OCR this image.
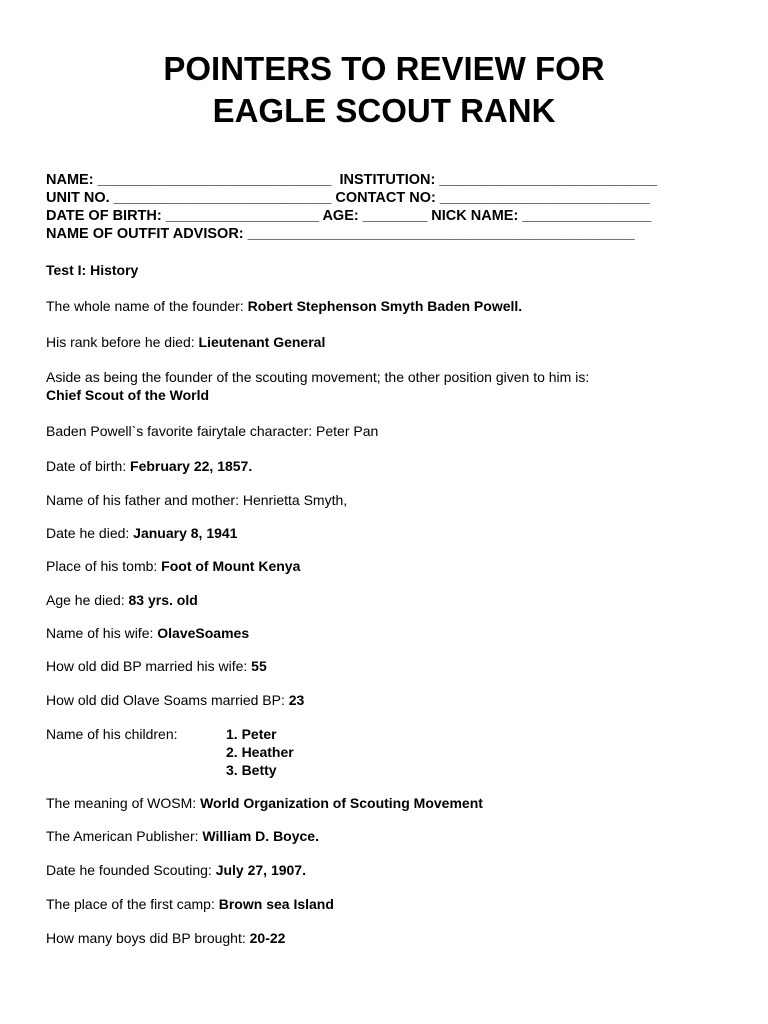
POINTERS TO REVIEW FOR
EAGLE SCOUT RANK
NAME: _____________________________  INSTITUTION: ___________________________
UNIT NO. ___________________________ CONTACT NO: __________________________
DATE OF BIRTH: ___________________ AGE: ________ NICK NAME: ________________
NAME OF OUTFIT ADVISOR: ________________________________________________
Test I: History
The whole name of the founder: Robert Stephenson Smyth Baden Powell.
His rank before he died: Lieutenant General
Aside as being the founder of the scouting movement; the other position given to him is:
Chief Scout of the World
Baden Powell`s favorite fairytale character: Peter Pan
Date of birth: February 22, 1857.
Name of his father and mother: Henrietta Smyth,
Date he died: January 8, 1941
Place of his tomb: Foot of Mount Kenya
Age he died: 83 yrs. old
Name of his wife: OlaveSoames
How old did BP married his wife: 55
How old did Olave Soams married BP: 23
Name of his children:	1. Peter
2. Heather
3. Betty
The meaning of WOSM: World Organization of Scouting Movement
The American Publisher: William D. Boyce.
Date he founded Scouting: July 27, 1907.
The place of the first camp: Brown sea Island
How many boys did BP brought: 20-22
